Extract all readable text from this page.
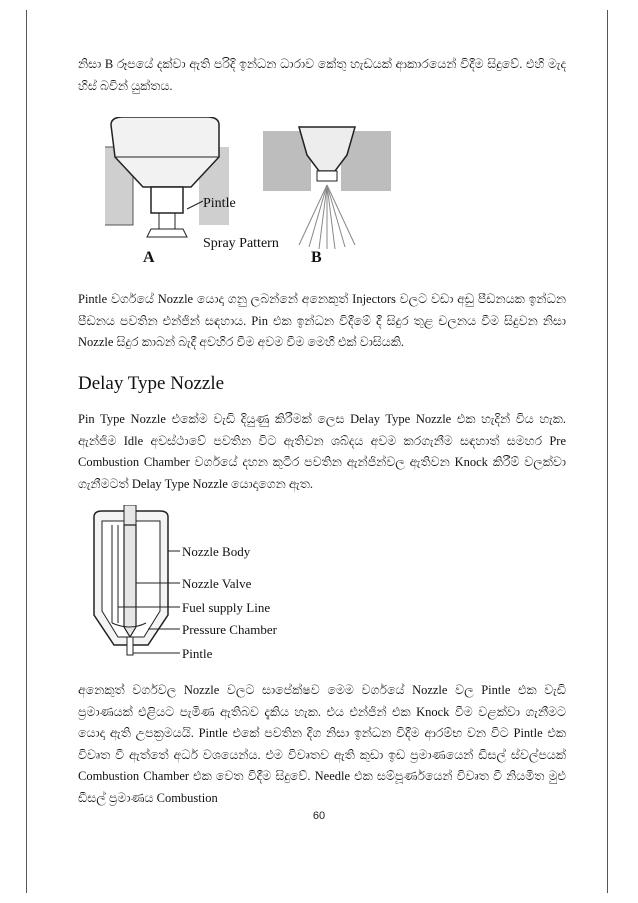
නිසා B රූපයේ දක්වා ඇති පරිදි ඉන්ධන ධාරාව කේතු හැඩයක් ආකාරයෙන් විදීම සිදුවේ. එහි මැද හිස් බවින් යුක්තය.

Pintle
A
Spray Pattern
B

Pintle වර්ගයේ Nozzle යොදා ගනු ලබන්නේ අනෙකුත් Injectors වලට වඩා අඩු පීඩනයක ඉන්ධන පීඩනය පවතින එන්ජින් සඳහාය. Pin එක ඉන්ධන විදීමේ දී සිදුර තුළ චලනය වීම සිදුවන නිසා Nozzle සිදුර කාබන් බැදී අවහිර වීම අවම වීම මෙහි එක් වාසියකි.

Delay Type Nozzle

Pin Type Nozzle එකේම වැඩි දියුණු කිරීමක් ලෙස Delay Type Nozzle එක හැදින් විය හැක. ඇන්ජිම Idle අවස්ථාවේ පවතින විට ඇතිවන ශබ්දය අවම කරගැනීම සඳහාත් සමහර Pre Combustion Chamber වර්ගයේ දහන කුටීර පවතින ඇන්ජින්වල ඇතිවන Knock කිරීම් වලක්වා ගැනීමටත් Delay Type Nozzle යොදාගෙන ඇත.

Nozzle Body
Nozzle Valve
Fuel supply Line
Pressure Chamber
Pintle

අනෙකුත් වර්ගවල Nozzle වලට සාපේක්ෂව මෙම වර්ගයේ Nozzle වල Pintle එක වැඩි ප්‍රමාණයක් එළියට පැමිණ ඇතිබව දැකිය හැක. එය එන්ජින් එක Knock වීම වළක්වා ගැනීමට යොදා ඇති උපක්‍රමයයි. Pintle එකේ පවතින දිග නිසා ඉන්ධන විදීම ආරම්භ වන විට Pintle එක විවෘත වී ඇත්තේ අර්ධ වශයෙන්ය. එම විවෘතව ඇති කුඩා ඉඩ ප්‍රමාණයෙන් ඩීසල් ස්වල්පයක් Combustion Chamber එක වෙත විදීම සිදුවේ. Needle එක සම්පූර්ණයෙන් විවෘත වී නියමිත මුළු ඩීසල් ප්‍රමාණය Combustion

60
